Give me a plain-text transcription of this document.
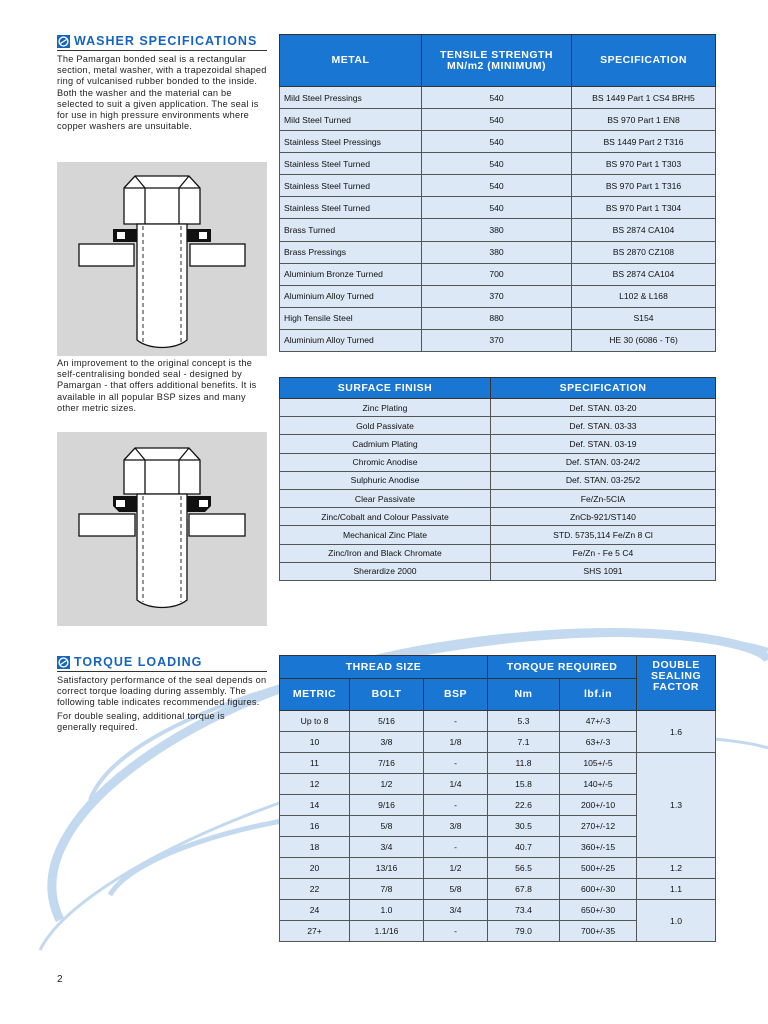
WASHER SPECIFICATIONS

The Pamargan bonded seal is a rectangular section, metal washer, with a trapezoidal shaped ring of vulcanised rubber bonded to the inside. Both the washer and the material can be selected to suit a given application. The seal is for use in high pressure environments where copper washers are unsuitable.

An improvement to the original concept is the self-centralising bonded seal - designed by Pamargan - that offers additional benefits. It is available in all popular BSP sizes and many other metric sizes.

METAL	TENSILE STRENGTH MN/m2 (MINIMUM)	SPECIFICATION
Mild Steel Pressings	540	BS 1449 Part 1 CS4 BRH5
Mild Steel Turned	540	BS 970 Part 1 EN8
Stainless Steel Pressings	540	BS 1449 Part 2 T316
Stainless Steel Turned	540	BS 970 Part 1 T303
Stainless Steel Turned	540	BS 970 Part 1 T316
Stainless Steel Turned	540	BS 970 Part 1 T304
Brass Turned	380	BS 2874 CA104
Brass Pressings	380	BS 2870 CZ108
Aluminium Bronze Turned	700	BS 2874 CA104
Aluminium Alloy Turned	370	L102 & L168
High Tensile Steel	880	S154
Aluminium Alloy Turned	370	HE 30 (6086 - T6)
SURFACE FINISH	SPECIFICATION
Zinc Plating	Def. STAN. 03-20
Gold Passivate	Def. STAN. 03-33
Cadmium Plating	Def. STAN. 03-19
Chromic Anodise	Def. STAN. 03-24/2
Sulphuric Anodise	Def. STAN. 03-25/2
Clear Passivate	Fe/Zn-5CIA
Zinc/Cobalt and Colour Passivate	ZnCb-921/ST140
Mechanical Zinc Plate	STD. 5735,114 Fe/Zn 8 Cl
Zinc/Iron and Black Chromate	Fe/Zn - Fe 5 C4
Sherardize 2000	SHS 1091
TORQUE LOADING

Satisfactory performance of the seal depends on correct torque loading during assembly. The following table indicates recommended figures.

For double sealing, additional torque is generally required.

THREAD SIZE			TORQUE REQUIRED		DOUBLE SEALING FACTOR
METRIC	BOLT	BSP	Nm	lbf.in	
Up to 8	5/16	-	5.3	47+/-3	1.6
10	3/8	1/8	7.1	63+/-3	
11	7/16	-	11.8	105+/-5	1.3
12	1/2	1/4	15.8	140+/-5	
14	9/16	-	22.6	200+/-10	
16	5/8	3/8	30.5	270+/-12	
18	3/4	-	40.7	360+/-15	
20	13/16	1/2	56.5	500+/-25	1.2
22	7/8	5/8	67.8	600+/-30	1.1
24	1.0	3/4	73.4	650+/-30	1.0
27+	1.1/16	-	79.0	700+/-35	
2
